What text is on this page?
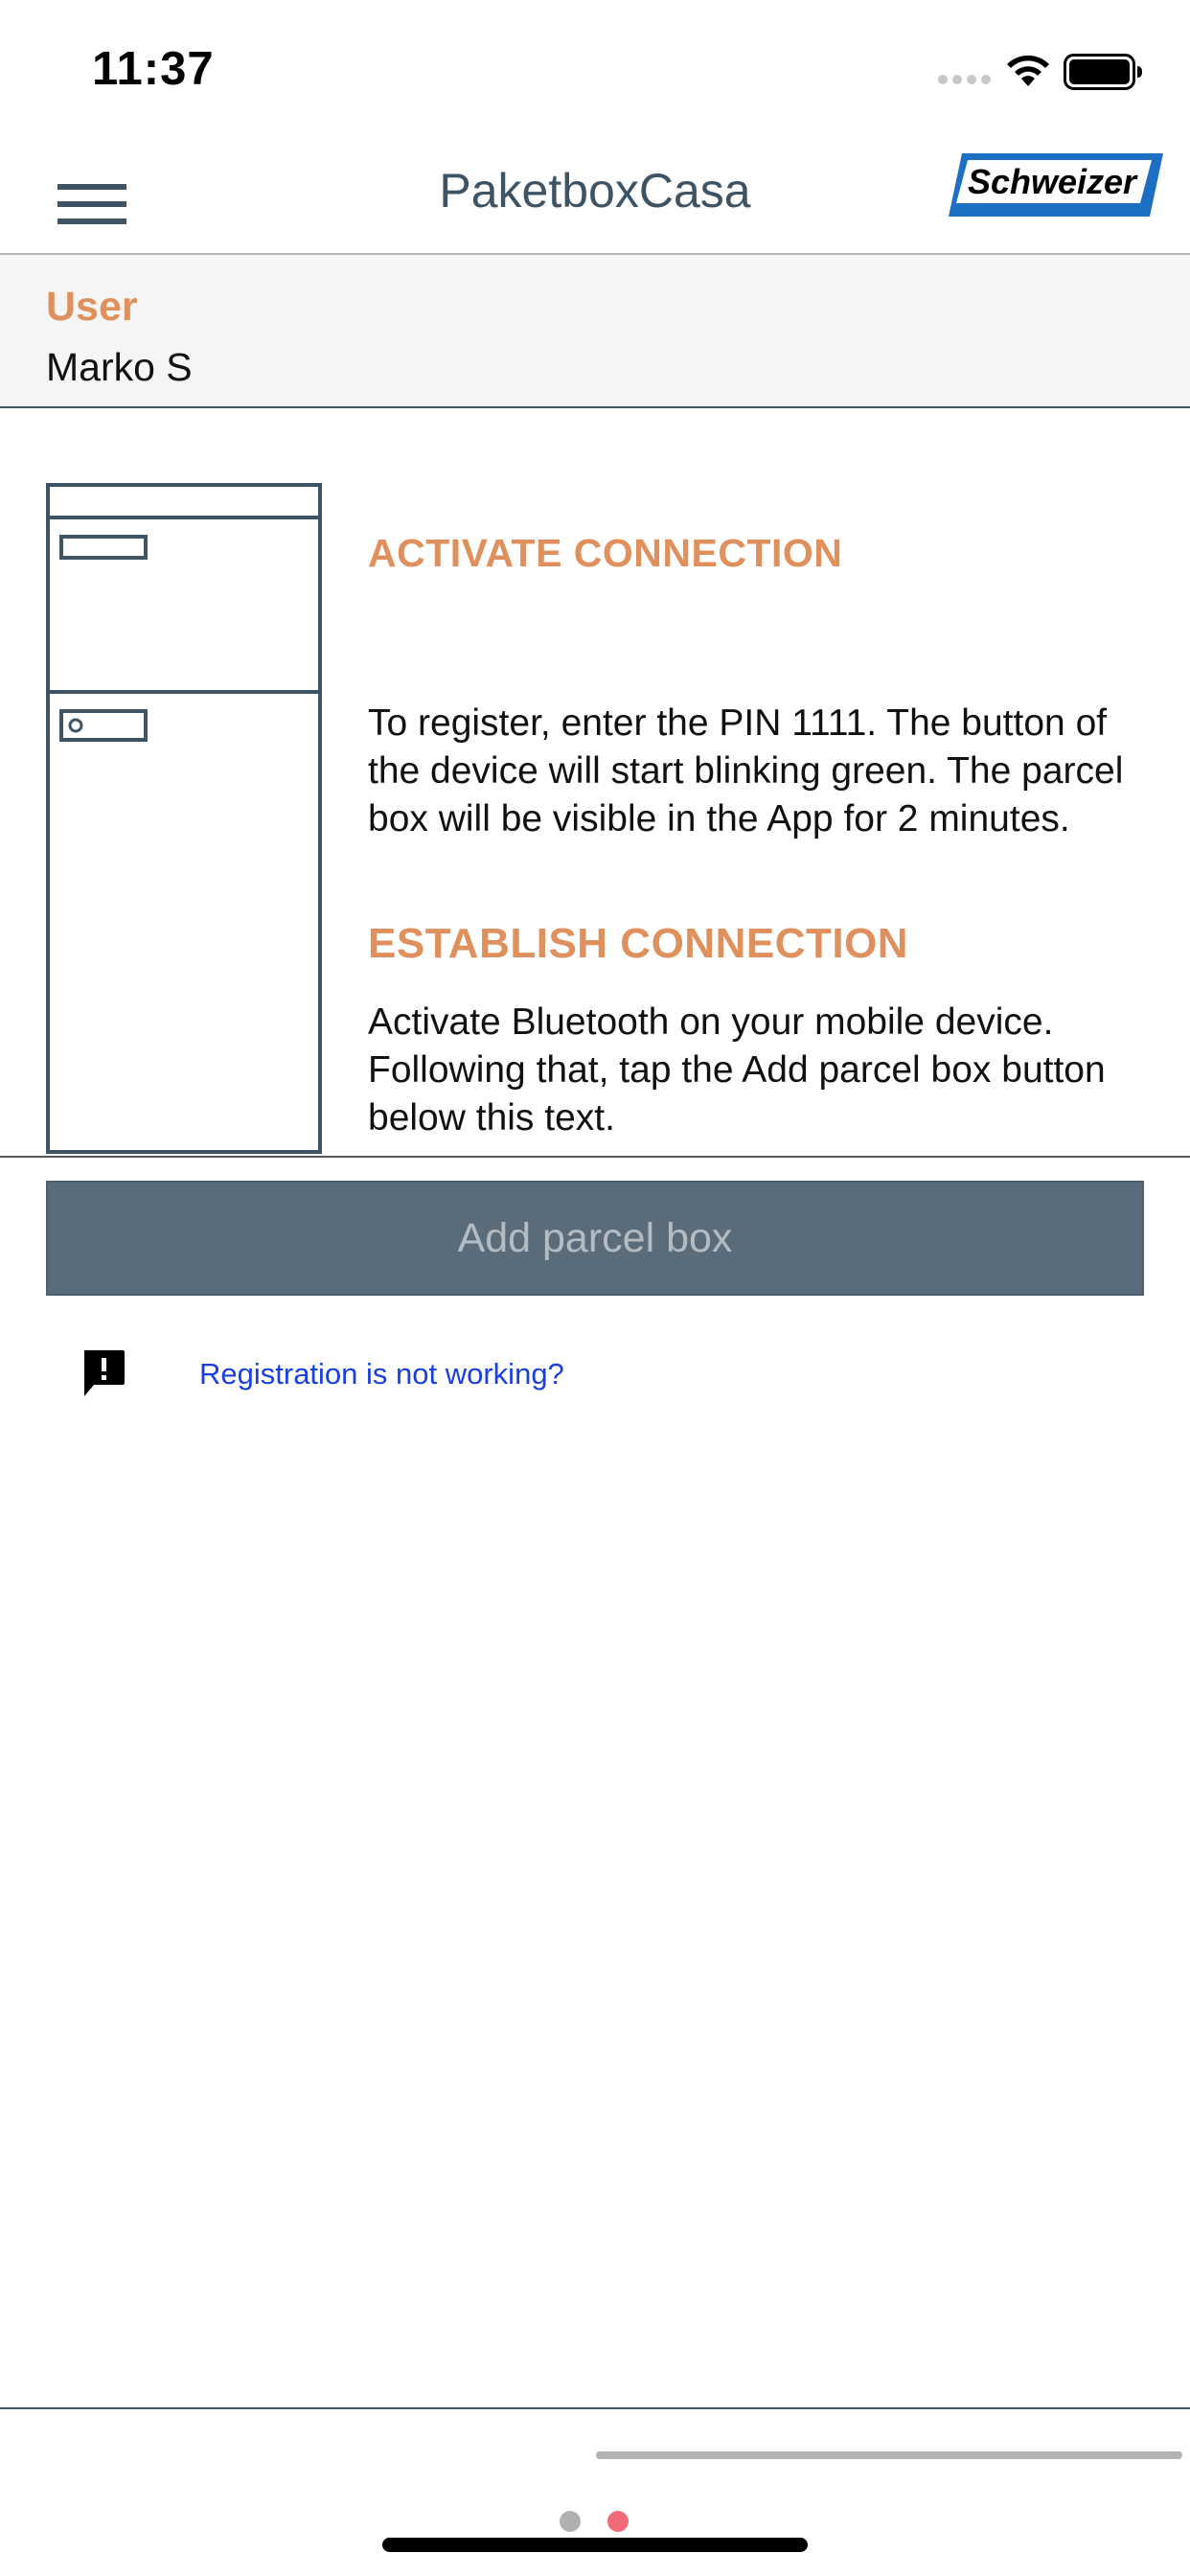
11:37
PaketboxCasa	Schweizer
User
Marko S
ACTIVATE CONNECTION
To register, enter the PIN 1111. The button of the device will start blinking green. The parcel box will be visible in the App for 2 minutes.
ESTABLISH CONNECTION
Activate Bluetooth on your mobile device. Following that, tap the Add parcel box button below this text.
Add parcel box
Registration is not working?
